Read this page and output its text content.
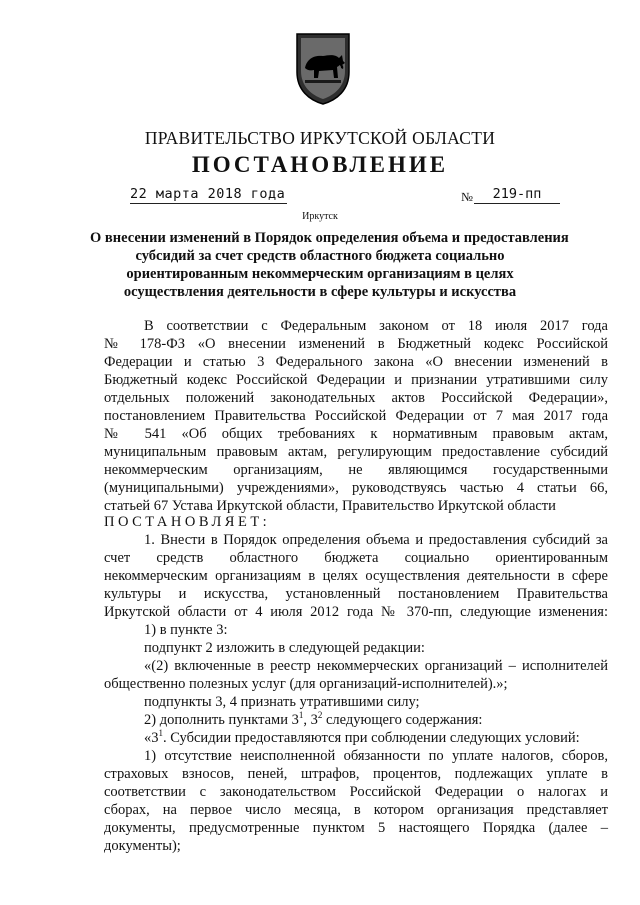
ПРАВИТЕЛЬСТВО ИРКУТСКОЙ ОБЛАСТИ
ПОСТАНОВЛЕНИЕ
22 марта 2018 года	№	219-пп
Иркутск
О внесении изменений в Порядок определения объема и предоставления
субсидий за счет средств областного бюджета социально
ориентированным некоммерческим организациям в целях
осуществления деятельности в сфере культуры и искусства
В соответствии с Федеральным законом от 18 июля 2017 года
№ 178-ФЗ «О внесении изменений в Бюджетный кодекс Российской
Федерации и статью 3 Федерального закона «О внесении изменений в
Бюджетный кодекс Российской Федерации и признании утратившими силу
отдельных положений законодательных актов Российской Федерации»,
постановлением Правительства Российской Федерации от 7 мая 2017 года
№ 541 «Об общих требованиях к нормативным правовым актам,
муниципальным правовым актам, регулирующим предоставление субсидий
некоммерческим организациям, не являющимся государственными
(муниципальными) учреждениями», руководствуясь частью 4 статьи 66,
статьей 67 Устава Иркутской области, Правительство Иркутской области
ПОСТАНОВЛЯЕТ:
1. Внести в Порядок определения объема и предоставления субсидий за
счет средств областного бюджета социально ориентированным
некоммерческим организациям в целях осуществления деятельности в сфере
культуры и искусства, установленный постановлением Правительства
Иркутской области от 4 июля 2012 года № 370-пп, следующие изменения:
1) в пункте 3:
подпункт 2 изложить в следующей редакции:
«(2) включенные в реестр некоммерческих организаций – исполнителей
общественно полезных услуг (для организаций-исполнителей).»;
подпункты 3, 4 признать утратившими силу;
2) дополнить пунктами $3^1$, $3^2$ следующего содержания:
«$3^1$. Субсидии предоставляются при соблюдении следующих условий:
1) отсутствие неисполненной обязанности по уплате налогов, сборов,
страховых взносов, пеней, штрафов, процентов, подлежащих уплате в
соответствии с законодательством Российской Федерации о налогах и
сборах, на первое число месяца, в котором организация представляет
документы, предусмотренные пунктом 5 настоящего Порядка (далее –
документы);
